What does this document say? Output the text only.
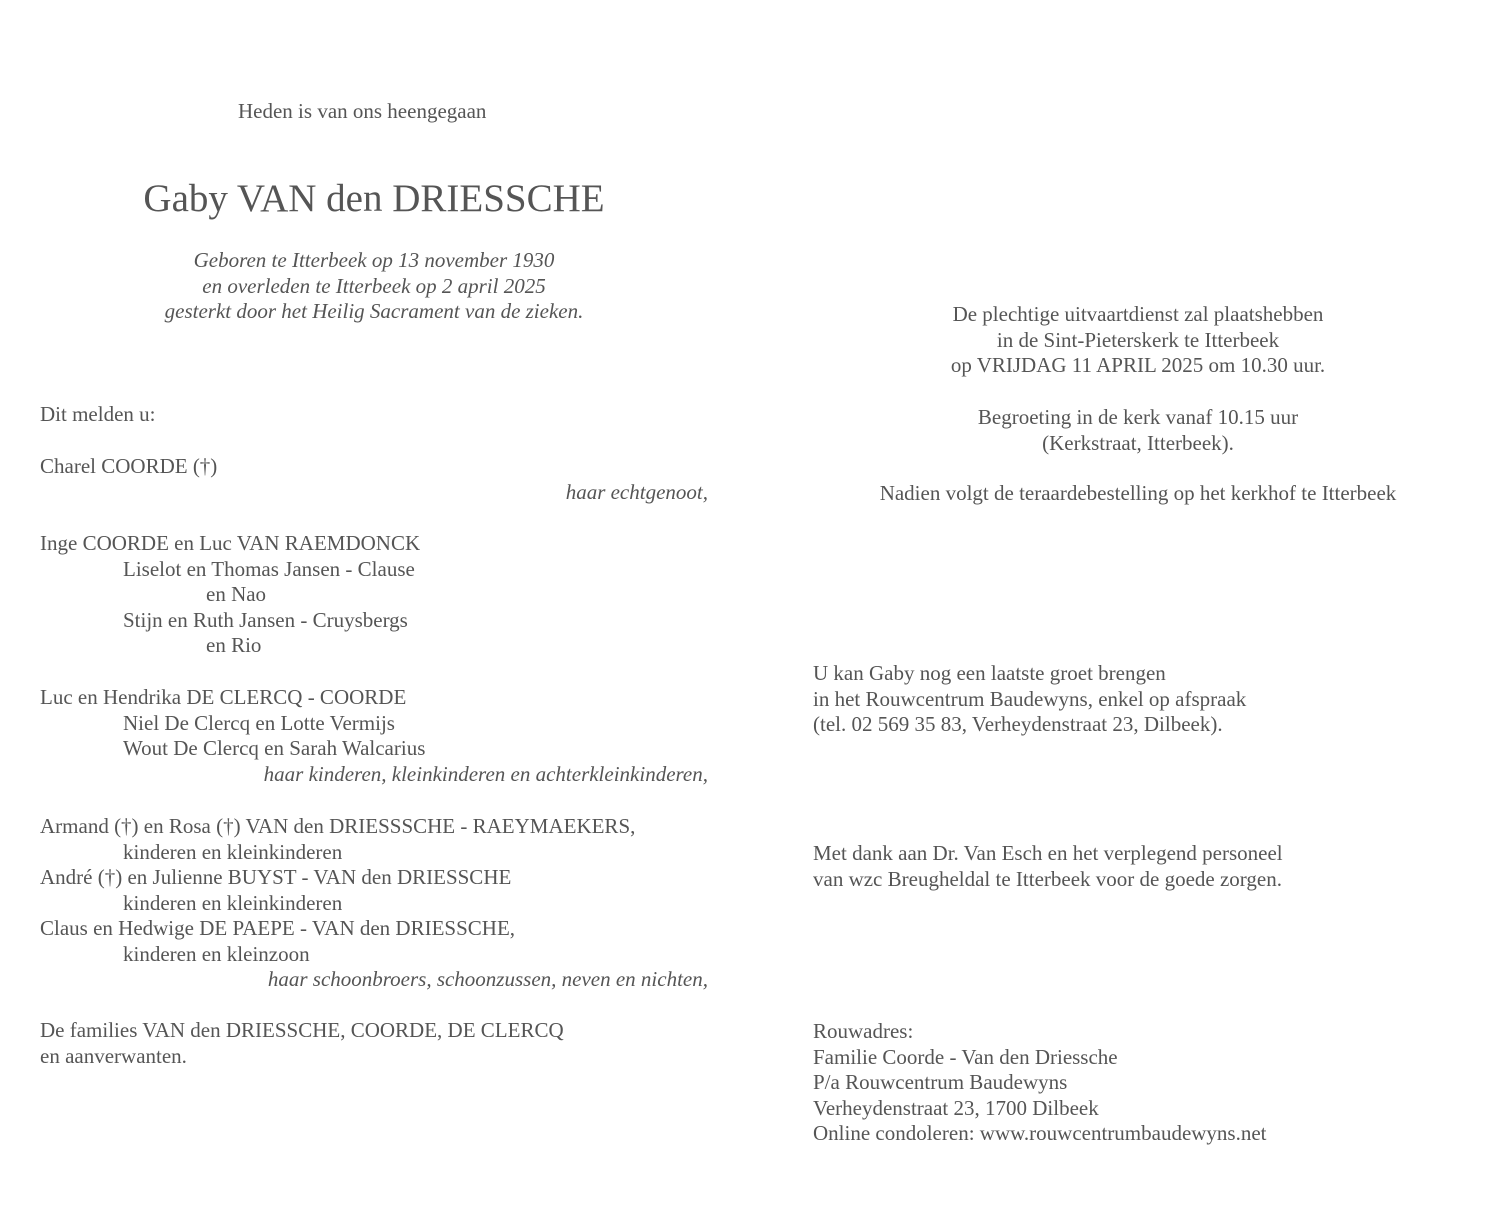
Heden is van ons heengegaan
Gaby VAN den DRIESSCHE
Geboren te Itterbeek op 13 november 1930
en overleden te Itterbeek op 2 april 2025
gesterkt door het Heilig Sacrament van de zieken.
Dit melden u:
Charel COORDE (†)
haar echtgenoot,
Inge COORDE en Luc VAN RAEMDONCK
Liselot en Thomas Jansen - Clause
en Nao
Stijn en Ruth Jansen - Cruysbergs
en Rio
Luc en Hendrika DE CLERCQ - COORDE
Niel De Clercq en Lotte Vermijs
Wout De Clercq en Sarah Walcarius
haar kinderen, kleinkinderen en achterkleinkinderen,
Armand (†) en Rosa (†) VAN den DRIESSSCHE - RAEYMAEKERS,
kinderen en kleinkinderen
André (†) en Julienne BUYST - VAN den DRIESSCHE
kinderen en kleinkinderen
Claus en Hedwige DE PAEPE - VAN den DRIESSCHE,
kinderen en kleinzoon
haar schoonbroers, schoonzussen, neven en nichten,
De families VAN den DRIESSCHE, COORDE, DE CLERCQ
en aanverwanten.
De plechtige uitvaartdienst zal plaatshebben
in de Sint-Pieterskerk te Itterbeek
op VRIJDAG 11 APRIL 2025 om 10.30 uur.
Begroeting in de kerk vanaf 10.15 uur
(Kerkstraat, Itterbeek).
Nadien volgt de teraardebestelling op het kerkhof te Itterbeek
U kan Gaby nog een laatste groet brengen
in het Rouwcentrum Baudewyns, enkel op afspraak
(tel. 02 569 35 83, Verheydenstraat 23, Dilbeek).
Met dank aan Dr. Van Esch en het verplegend personeel
van wzc Breugheldal te Itterbeek voor de goede zorgen.
Rouwadres:
Familie Coorde - Van den Driessche
P/a Rouwcentrum Baudewyns
Verheydenstraat 23, 1700 Dilbeek
Online condoleren: www.rouwcentrumbaudewyns.net
